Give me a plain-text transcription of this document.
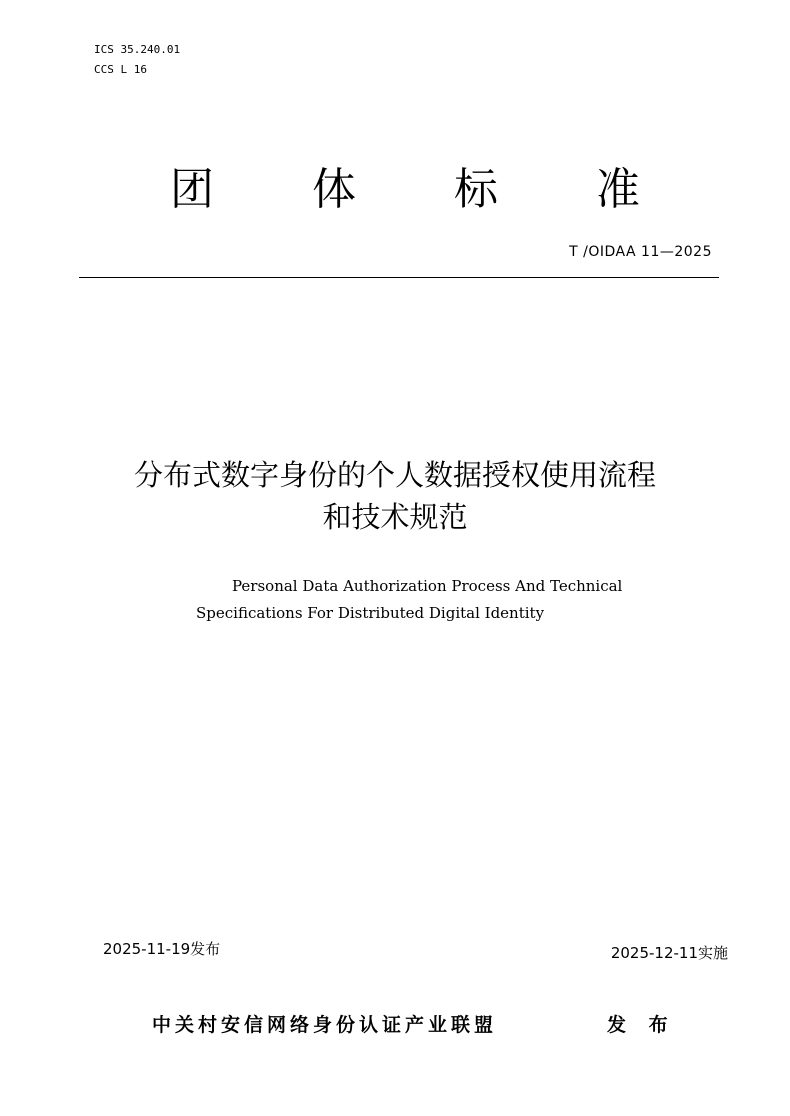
ICS 35.240.01
CCS L 16
团 体 标 准
T /OIDAA 11—2025
分布式数字身份的个人数据授权使用流程
和技术规范
Personal Data Authorization Process And Technical
Specifications For Distributed Digital Identity
2025-11-19发布	2025-12-11实施
中关村安信网络身份认证产业联盟	发 布
